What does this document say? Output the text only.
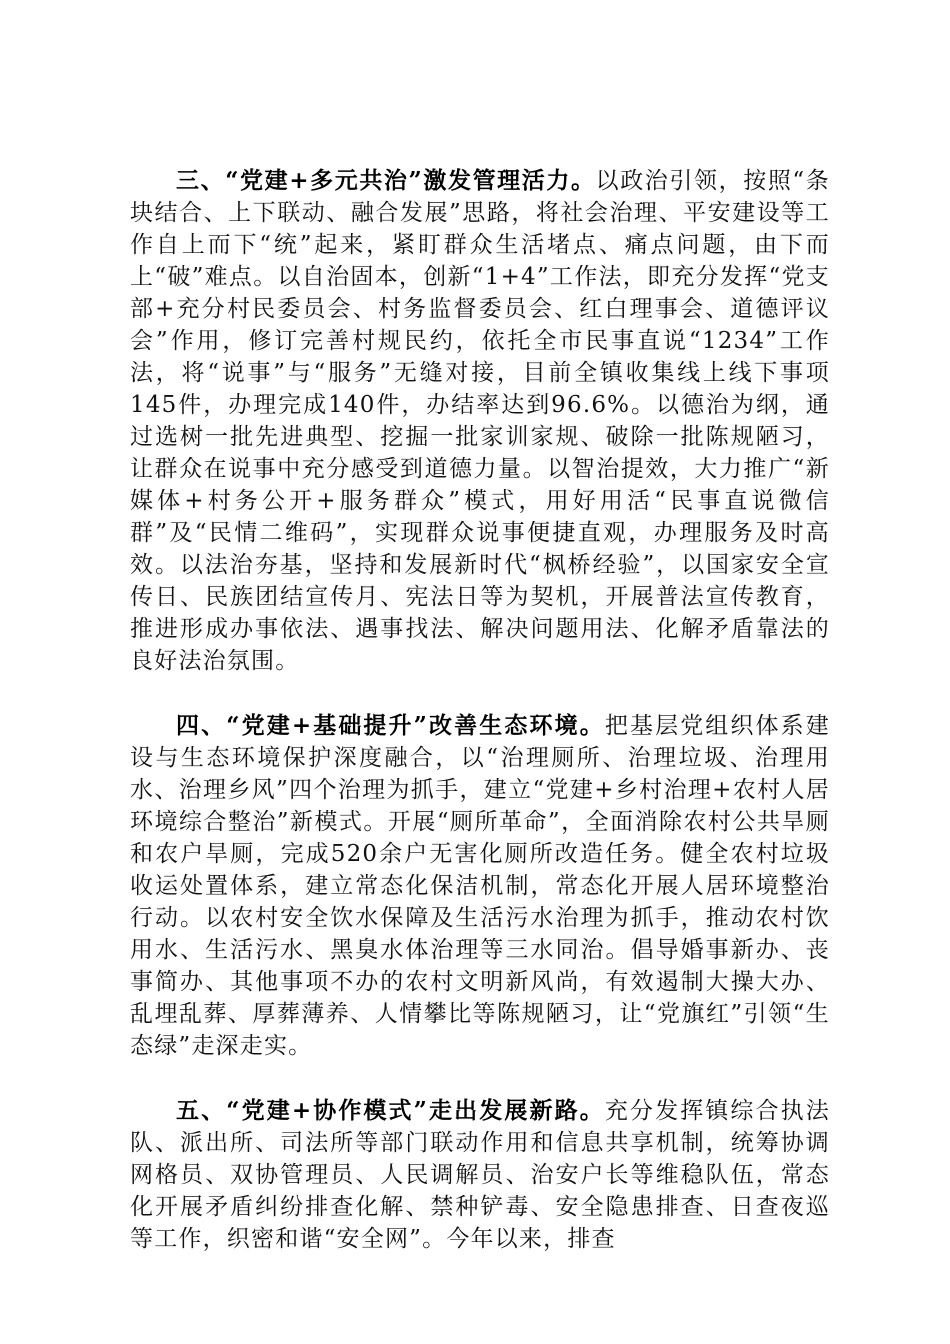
三、“党建+多元共治”激发管理活力。以政治引领，按照“条块结合、上下联动、融合发展”思路，将社会治理、平安建设等工作自上而下“统”起来，紧盯群众生活堵点、痛点问题，由下而上“破”难点。以自治固本，创新“1+4”工作法，即充分发挥“党支部+充分村民委员会、村务监督委员会、红白理事会、道德评议会”作用，修订完善村规民约，依托全市民事直说“1234”工作法，将“说事”与“服务”无缝对接，目前全镇收集线上线下事项145件，办理完成140件，办结率达到96.6%。以德治为纲，通过选树一批先进典型、挖掘一批家训家规、破除一批陈规陋习，让群众在说事中充分感受到道德力量。以智治提效，大力推广“新媒体+村务公开+服务群众”模式，用好用活“民事直说微信群”及“民情二维码”，实现群众说事便捷直观，办理服务及时高效。以法治夯基，坚持和发展新时代“枫桥经验”，以国家安全宣传日、民族团结宣传月、宪法日等为契机，开展普法宣传教育，推进形成办事依法、遇事找法、解决问题用法、化解矛盾靠法的良好法治氛围。

四、“党建+基础提升”改善生态环境。把基层党组织体系建设与生态环境保护深度融合，以“治理厕所、治理垃圾、治理用水、治理乡风”四个治理为抓手，建立“党建+乡村治理+农村人居环境综合整治”新模式。开展“厕所革命”，全面消除农村公共旱厕和农户旱厕，完成520余户无害化厕所改造任务。健全农村垃圾收运处置体系，建立常态化保洁机制，常态化开展人居环境整治行动。以农村安全饮水保障及生活污水治理为抓手，推动农村饮用水、生活污水、黑臭水体治理等三水同治。倡导婚事新办、丧事简办、其他事项不办的农村文明新风尚，有效遏制大操大办、乱埋乱葬、厚葬薄养、人情攀比等陈规陋习，让“党旗红”引领“生态绿”走深走实。

五、“党建+协作模式”走出发展新路。充分发挥镇综合执法队、派出所、司法所等部门联动作用和信息共享机制，统筹协调网格员、双协管理员、人民调解员、治安户长等维稳队伍，常态化开展矛盾纠纷排查化解、禁种铲毒、安全隐患排查、日查夜巡等工作，织密和谐“安全网”。今年以来，排查
